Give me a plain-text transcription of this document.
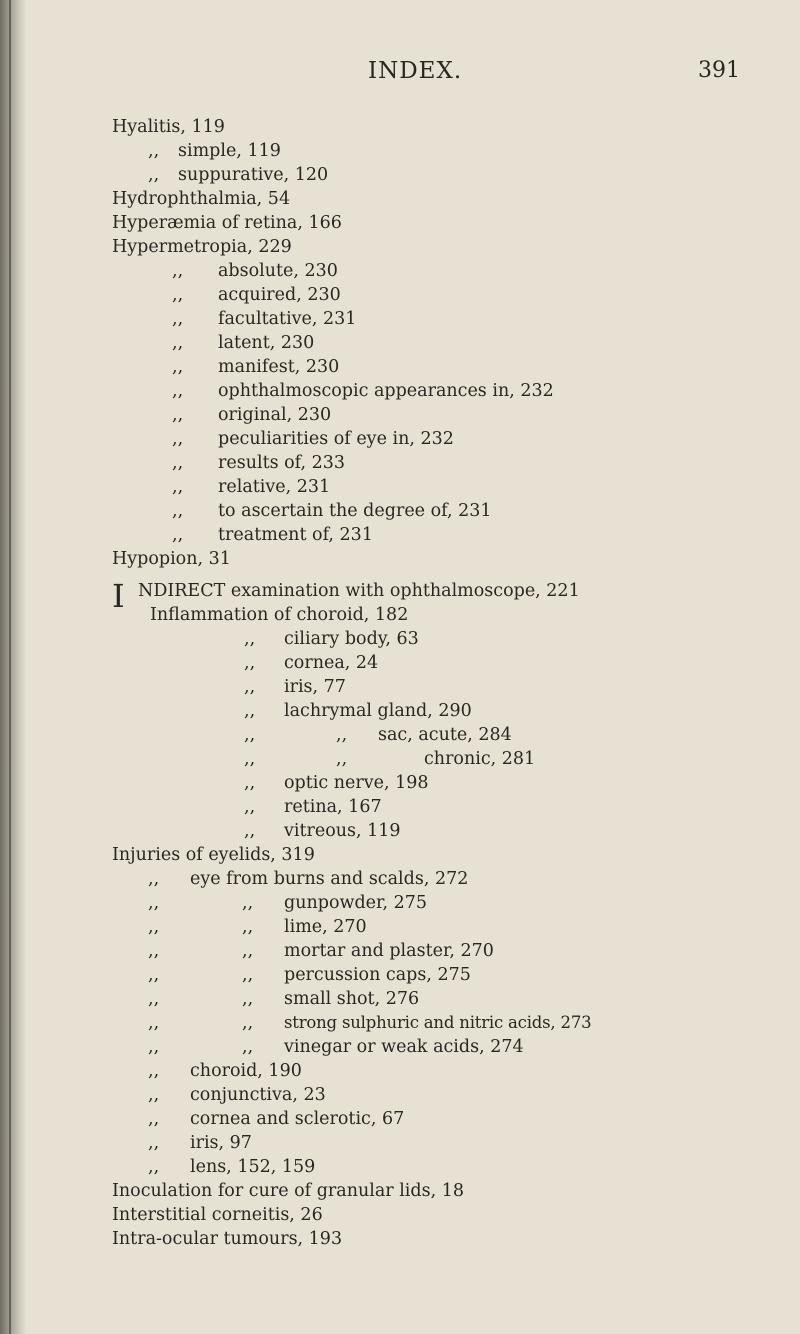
INDEX.	391
I
Hyalitis, 119
,, simple, 119
,, suppurative, 120
Hydrophthalmia, 54
Hyperæmia of retina, 166
Hypermetropia, 229
,, absolute, 230
,, acquired, 230
,, facultative, 231
,, latent, 230
,, manifest, 230
,, ophthalmoscopic appearances in, 232
,, original, 230
,, peculiarities of eye in, 232
,, results of, 233
,, relative, 231
,, to ascertain the degree of, 231
,, treatment of, 231
Hypopion, 31
NDIRECT examination with ophthalmoscope, 221
Inflammation of choroid, 182
,, ciliary body, 63
,, cornea, 24
,, iris, 77
,, lachrymal gland, 290
,,	,, sac, acute, 284
,,	,,	chronic, 281
,, optic nerve, 198
,, retina, 167
,, vitreous, 119
Injuries of eyelids, 319
,, eye from burns and scalds, 272
,,	,, gunpowder, 275
,,	,, lime, 270
,,	,, mortar and plaster, 270
,,	,, percussion caps, 275
,,	,, small shot, 276
,,	,, strong sulphuric and nitric acids, 273
,,	,, vinegar or weak acids, 274
,, choroid, 190
,, conjunctiva, 23
,, cornea and sclerotic, 67
,, iris, 97
,, lens, 152, 159
Inoculation for cure of granular lids, 18
Interstitial corneitis, 26
Intra-ocular tumours, 193
